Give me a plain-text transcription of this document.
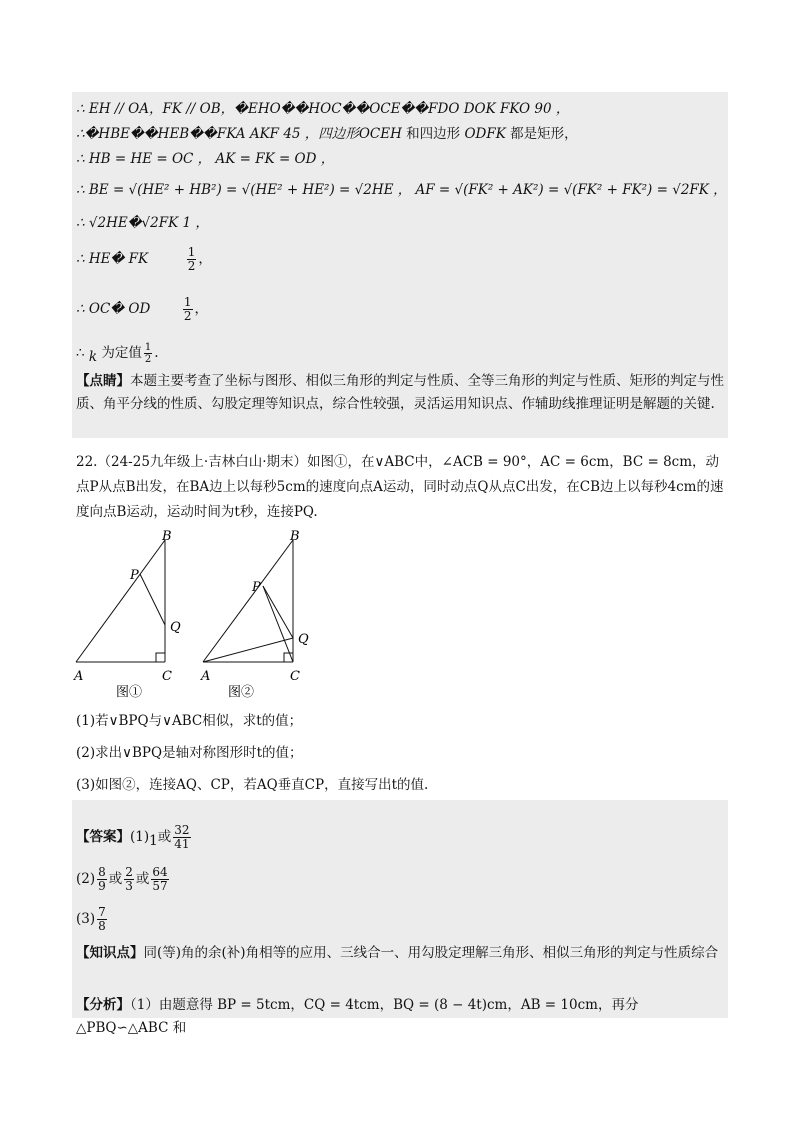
∴ EH // OA，FK // OB，�EHO��HOC��OCE��FDO DOK FKO 90 ，
∴�HBE��HEB��FKA AKF 45 ，四边形OCEH 和四边形 ODFK 都是矩形，
∴ HB = HE = OC ， AK = FK = OD ，
∴ BE = √(HE² + HB²) = √(HE² + HE²) = √2HE ， AF = √(FK² + AK²) = √(FK² + FK²) = √2FK ，
∴ √2HE�√2FK 1 ，
∴ HE� FK	$\frac{1}{2}$ ，
∴ OC� OD	$\frac{1}{2}$ ，
∴ k 为定值 $\frac{1}{2}$ .
【点睛】本题主要考查了坐标与图形、相似三角形的判定与性质、全等三角形的判定与性质、矩形的判定与性质、角平分线的性质、勾股定理等知识点，综合性较强，灵活运用知识点、作辅助线推理证明是解题的关键.
22.（24-25九年级上·吉林白山·期末）如图①，在∨ABC中，∠ACB = 90°，AC = 6cm，BC = 8cm，动点P从点B出发，在BA边上以每秒5cm的速度向点A运动，同时动点Q从点C出发，在CB边上以每秒4cm的速度向点B运动，运动时间为t秒，连接PQ.
B
P
Q
A	C
图①
B
P
Q
A	C
图②
(1)若∨BPQ与∨ABC相似，求t的值；
(2)求出∨BPQ是轴对称图形时t的值；
(3)如图②，连接AQ、CP，若AQ垂直CP，直接写出t的值.
【答案】(1)1或 $\frac{32}{41}$
$(2) \frac{8}{9}$ 或 $\frac{2}{3}$ 或 $\frac{64}{57}$
$(3) \frac{7}{8}$
【知识点】同(等)角的余(补)角相等的应用、三线合一、用勾股定理解三角形、相似三角形的判定与性质综合
【分析】（1）由题意得 BP = 5tcm，CQ = 4tcm，BQ = (8 − 4t)cm，AB = 10cm，再分△PBQ∽△ABC 和
